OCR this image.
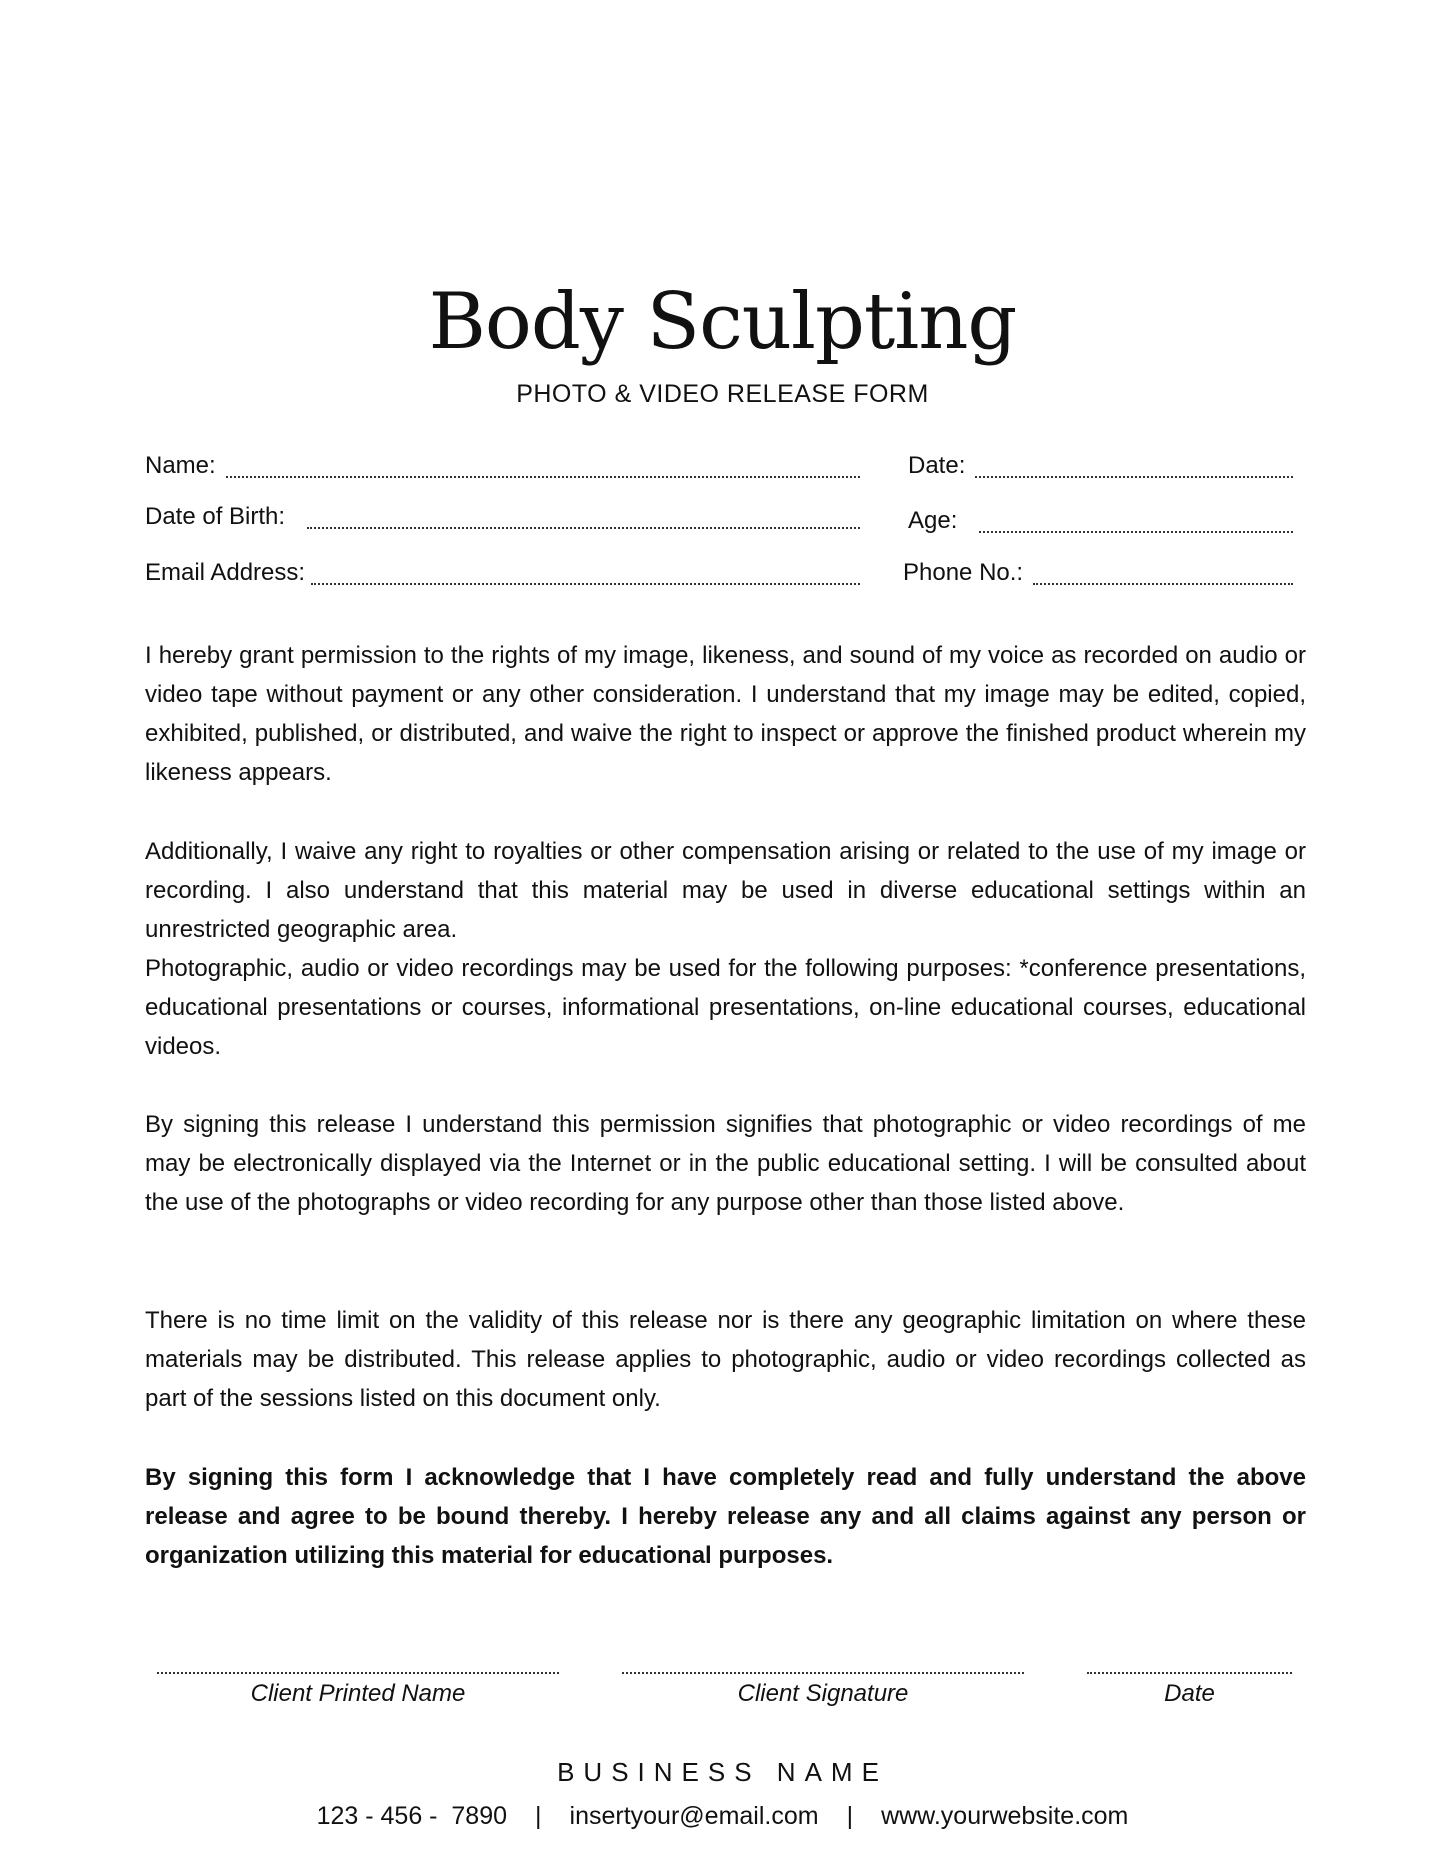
Body Sculpting
PHOTO & VIDEO RELEASE FORM
Name:	Date:
Date of Birth:	Age:
Email Address:	Phone No.:

I hereby grant permission to the rights of my image, likeness, and sound of my voice as recorded on audio or video tape without payment or any other consideration. I understand that my image may be edited, copied, exhibited, published, or distributed, and waive the right to inspect or approve the finished product wherein my likeness appears.

Additionally, I waive any right to royalties or other compensation arising or related to the use of my image or recording. I also understand that this material may be used in diverse educational settings within an unrestricted geographic area.

Photographic, audio or video recordings may be used for the following purposes: *conference presentations, educational presentations or courses, informational presentations, on-line educational courses, educational videos.

By signing this release I understand this permission signifies that photographic or video recordings of me may be electronically displayed via the Internet or in the public educational setting. I will be consulted about the use of the photographs or video recording for any purpose other than those listed above.

There is no time limit on the validity of this release nor is there any geographic limitation on where these materials may be distributed. This release applies to photographic, audio or video recordings collected as part of the sessions listed on this document only.

By signing this form I acknowledge that I have completely read and fully understand the above release and agree to be bound thereby. I hereby release any and all claims against any person or organization utilizing this material for educational purposes.

Client Printed Name	Client Signature	Date
BUSINESS NAME
123 - 456 -  7890 | insertyour@email.com | www.yourwebsite.com
